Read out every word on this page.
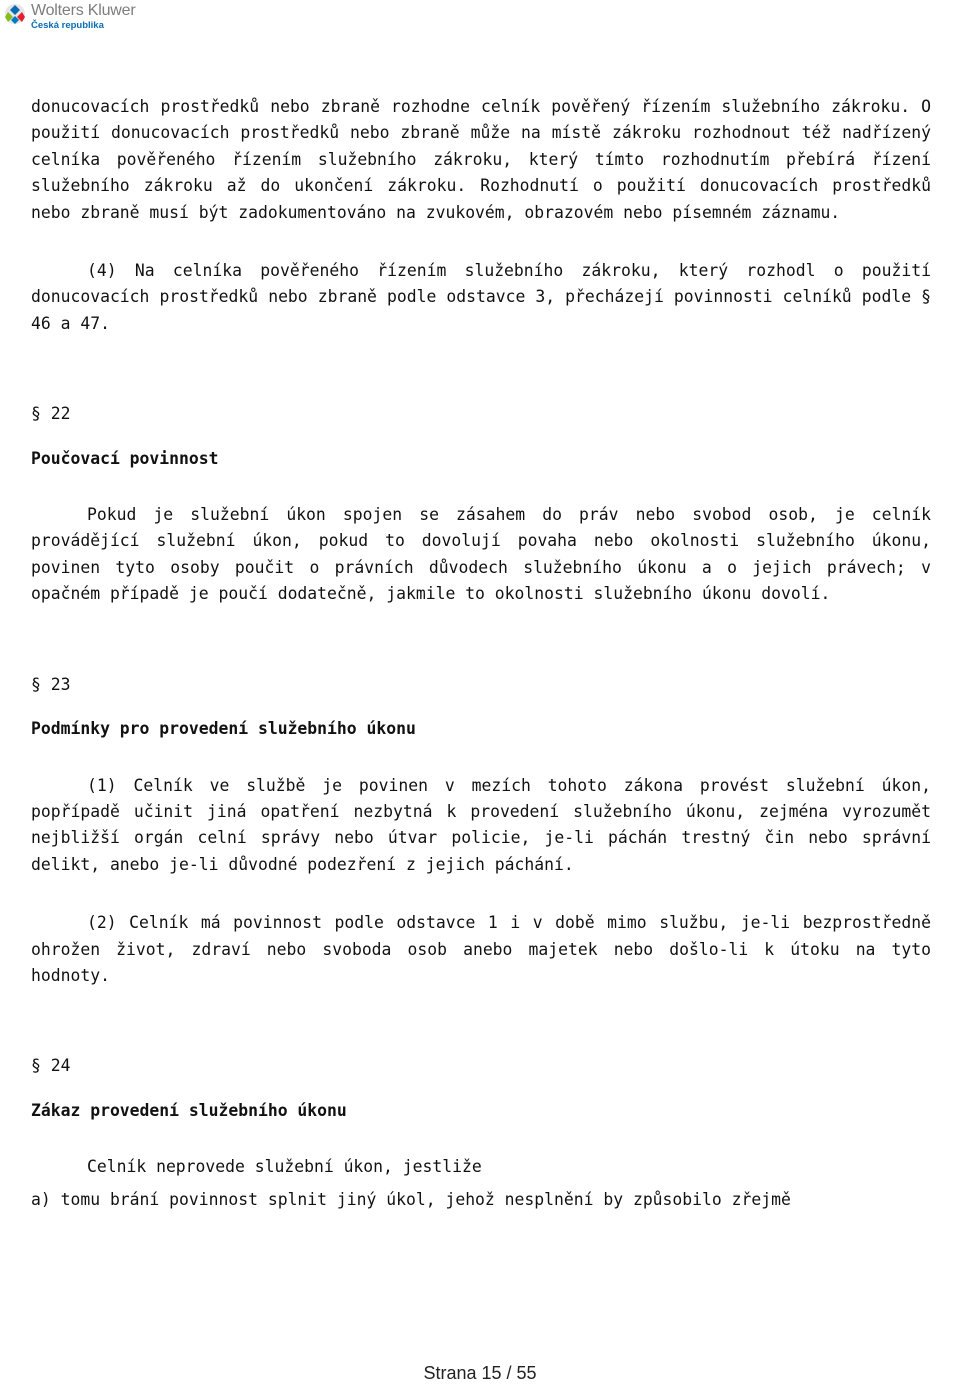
Wolters Kluwer
Česká republika

donucovacích prostředků nebo zbraně rozhodne celník pověřený řízením služebního zákroku. O použití donucovacích prostředků nebo zbraně může na místě zákroku rozhodnout též nadřízený celníka pověřeného řízením služebního zákroku, který tímto rozhodnutím přebírá řízení služebního zákroku až do ukončení zákroku. Rozhodnutí o použití donucovacích prostředků nebo zbraně musí být zadokumentováno na zvukovém, obrazovém nebo písemném záznamu.

(4) Na celníka pověřeného řízením služebního zákroku, který rozhodl o použití donucovacích prostředků nebo zbraně podle odstavce 3, přecházejí povinnosti celníků podle § 46 a 47.

§ 22

Poučovací povinnost

Pokud je služební úkon spojen se zásahem do práv nebo svobod osob, je celník provádějící služební úkon, pokud to dovolují povaha nebo okolnosti služebního úkonu, povinen tyto osoby poučit o právních důvodech služebního úkonu a o jejich právech; v opačném případě je poučí dodatečně, jakmile to okolnosti služebního úkonu dovolí.

§ 23

Podmínky pro provedení služebního úkonu

(1) Celník ve službě je povinen v mezích tohoto zákona provést služební úkon, popřípadě učinit jiná opatření nezbytná k provedení služebního úkonu, zejména vyrozumět nejbližší orgán celní správy nebo útvar policie, je-li páchán trestný čin nebo správní delikt, anebo je-li důvodné podezření z jejich páchání.

(2) Celník má povinnost podle odstavce 1 i v době mimo službu, je-li bezprostředně ohrožen život, zdraví nebo svoboda osob anebo majetek nebo došlo-li k útoku na tyto hodnoty.

§ 24

Zákaz provedení služebního úkonu

Celník neprovede služební úkon, jestliže

a) tomu brání povinnost splnit jiný úkol, jehož nesplnění by způsobilo zřejmě

Strana 15 / 55
